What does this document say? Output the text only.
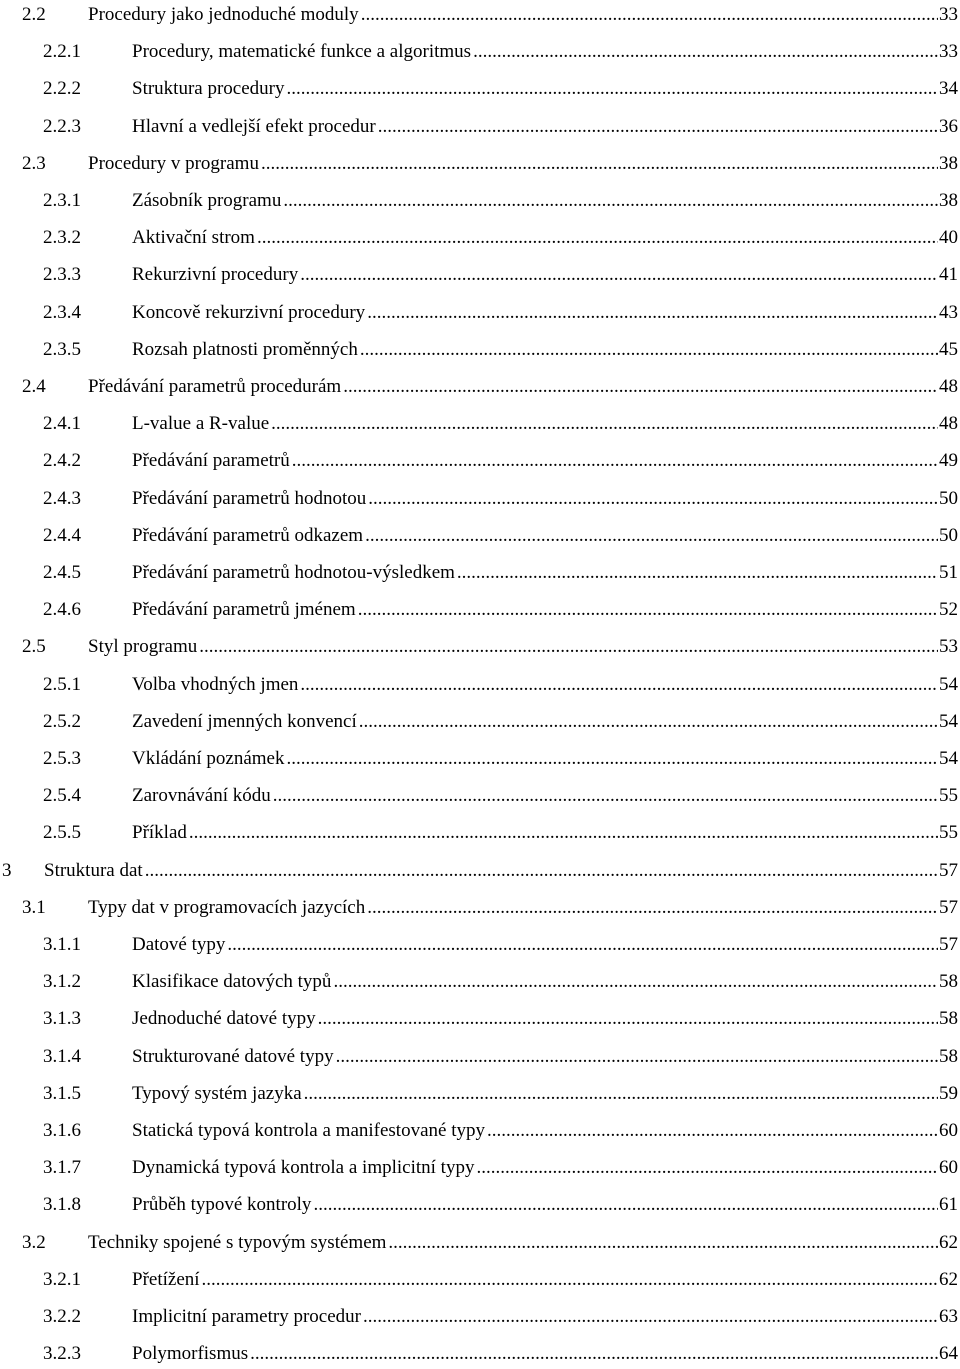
2.2	Procedury jako jednoduché moduly .....	33
2.2.1	Procedury, matematické funkce a algoritmus .....	33
2.2.2	Struktura procedury .....	34
2.2.3	Hlavní a vedlejší efekt procedur .....	36
2.3	Procedury v programu .....	38
2.3.1	Zásobník programu .....	38
2.3.2	Aktivační strom .....	40
2.3.3	Rekurzivní procedury .....	41
2.3.4	Koncově rekurzivní procedury .....	43
2.3.5	Rozsah platnosti proměnných .....	45
2.4	Předávání parametrů procedurám .....	48
2.4.1	L-value a R-value .....	48
2.4.2	Předávání parametrů .....	49
2.4.3	Předávání parametrů hodnotou .....	50
2.4.4	Předávání parametrů odkazem .....	50
2.4.5	Předávání parametrů hodnotou-výsledkem .....	51
2.4.6	Předávání parametrů jménem .....	52
2.5	Styl programu .....	53
2.5.1	Volba vhodných jmen .....	54
2.5.2	Zavedení jmenných konvencí .....	54
2.5.3	Vkládání poznámek .....	54
2.5.4	Zarovnávání kódu .....	55
2.5.5	Příklad .....	55
3	Struktura dat .....	57
3.1	Typy dat v programovacích jazycích .....	57
3.1.1	Datové typy .....	57
3.1.2	Klasifikace datových typů .....	58
3.1.3	Jednoduché datové typy .....	58
3.1.4	Strukturované datové typy .....	58
3.1.5	Typový systém jazyka .....	59
3.1.6	Statická typová kontrola a manifestované typy .....	60
3.1.7	Dynamická typová kontrola a implicitní typy .....	60
3.1.8	Průběh typové kontroly .....	61
3.2	Techniky spojené s typovým systémem .....	62
3.2.1	Přetížení .....	62
3.2.2	Implicitní parametry procedur .....	63
3.2.3	Polymorfismus .....	64
